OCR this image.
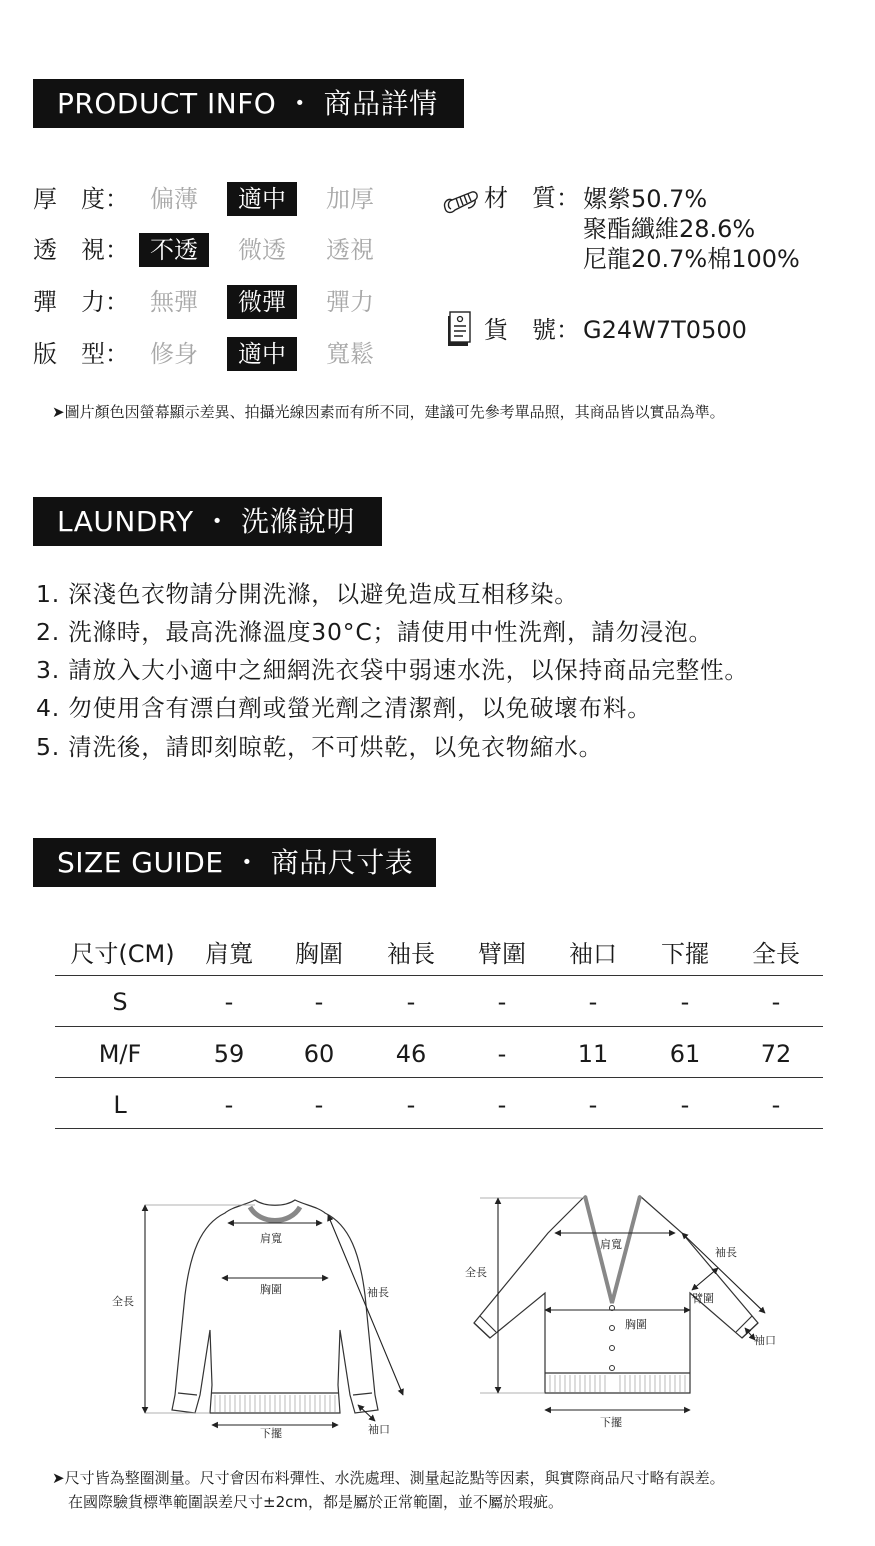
PRODUCT INFO ・ 商品詳情
厚　度： 偏薄	適中	加厚
透　視： 不透	微透	透視
彈　力： 無彈	微彈	彈力
版　型： 修身	適中	寬鬆
材　質： 嫘縈50.7%
聚酯纖維28.6%
尼龍20.7%棉100%
貨　號： G24W7T0500
➤圖片顏色因螢幕顯示差異、拍攝光線因素而有所不同，建議可先參考單品照，其商品皆以實品為準。
LAUNDRY ・ 洗滌說明
1. 深淺色衣物請分開洗滌，以避免造成互相移染。
2. 洗滌時，最高洗滌溫度30°C；請使用中性洗劑，請勿浸泡。
3. 請放入大小適中之細網洗衣袋中弱速水洗，以保持商品完整性。
4. 勿使用含有漂白劑或螢光劑之清潔劑，以免破壞布料。
5. 清洗後，請即刻晾乾，不可烘乾，以免衣物縮水。
SIZE GUIDE ・ 商品尺寸表
尺寸(CM)	肩寬	胸圍	袖長	臂圍	袖口	下擺	全長
S	-	-	-	-	-	-	-
M/F	59	60	46	-	11	61	72
L	-	-	-	-	-	-	-
肩寬
胸圍
全長
袖長
下擺	袖口
肩寬
胸圍
全長
袖長
臂圍
下擺
袖口
➤尺寸皆為整圈測量。尺寸會因布料彈性、水洗處理、測量起訖點等因素，與實際商品尺寸略有誤差。
在國際驗貨標準範圍誤差尺寸±2cm，都是屬於正常範圍，並不屬於瑕疵。
